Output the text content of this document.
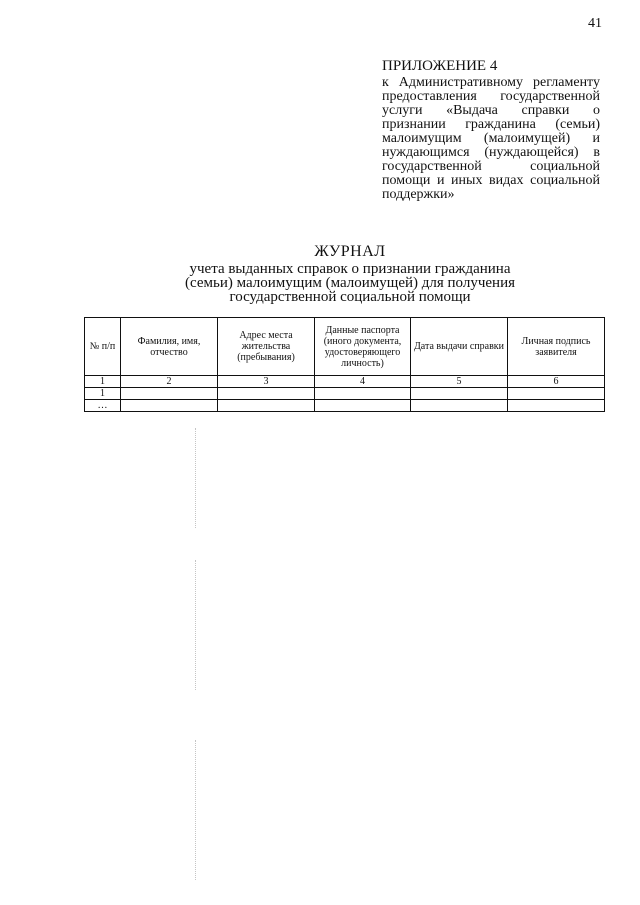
41

ПРИЛОЖЕНИЕ 4

к Административному регламенту предоставления государственной услуги «Выдача справки о признании гражданина (семьи) малоимущим (малоимущей) и нуждающимся (нуждающейся) в государственной социальной помощи и иных видах социальной поддержки»

ЖУРНАЛ

учета выданных справок о признании гражданина

(семьи) малоимущим (малоимущей) для получения

государственной социальной помощи

№ п/п	Фамилия, имя, отчество	Адрес места жительства (пребывания)	Данные паспорта (иного документа, удостоверяющего личность)	Дата выдачи справки	Личная подпись заявителя
1	2	3	4	5	6
1					
…					
